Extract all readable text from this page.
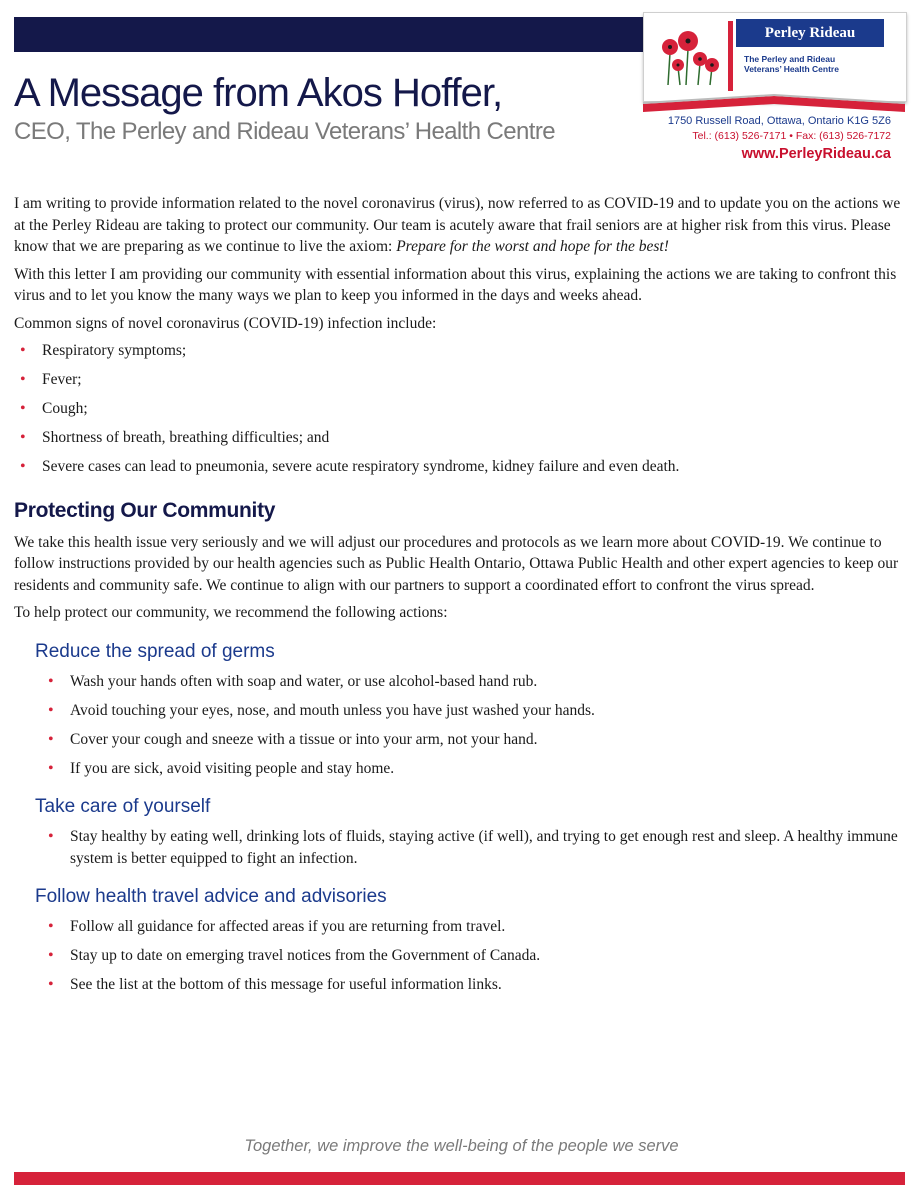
Perley Rideau
The Perley and Rideau
Veterans’ Health Centre
1750 Russell Road, Ottawa, Ontario K1G 5Z6
Tel.: (613) 526-7171 • Fax: (613) 526-7172
www.PerleyRideau.ca
A Message from Akos Hoffer,
CEO, The Perley and Rideau Veterans’ Health Centre

I am writing to provide information related to the novel coronavirus (virus), now referred to as COVID-19 and to update you on the actions we at the Perley Rideau are taking to protect our community. Our team is acutely aware that frail seniors are at higher risk from this virus. Please know that we are preparing as we continue to live the axiom: Prepare for the worst and hope for the best!

With this letter I am providing our community with essential information about this virus, explaining the actions we are taking to confront this virus and to let you know the many ways we plan to keep you informed in the days and weeks ahead.

Common signs of novel coronavirus (COVID-19) infection include:

• Respiratory symptoms;
• Fever;
• Cough;
• Shortness of breath, breathing difficulties; and
• Severe cases can lead to pneumonia, severe acute respiratory syndrome, kidney failure and even death.
Protecting Our Community

We take this health issue very seriously and we will adjust our procedures and protocols as we learn more about COVID-19. We continue to follow instructions provided by our health agencies such as Public Health Ontario, Ottawa Public Health and other expert agencies to keep our residents and community safe. We continue to align with our partners to support a coordinated effort to confront the virus spread.

To help protect our community, we recommend the following actions:

Reduce the spread of germs
• Wash your hands often with soap and water, or use alcohol-based hand rub.
• Avoid touching your eyes, nose, and mouth unless you have just washed your hands.
• Cover your cough and sneeze with a tissue or into your arm, not your hand.
• If you are sick, avoid visiting people and stay home.
Take care of yourself
• Stay healthy by eating well, drinking lots of fluids, staying active (if well), and trying to get enough rest and sleep. A healthy immune system is better equipped to fight an infection.
Follow health travel advice and advisories
• Follow all guidance for affected areas if you are returning from travel.
• Stay up to date on emerging travel notices from the Government of Canada.
• See the list at the bottom of this message for useful information links.
Together, we improve the well-being of the people we serve
